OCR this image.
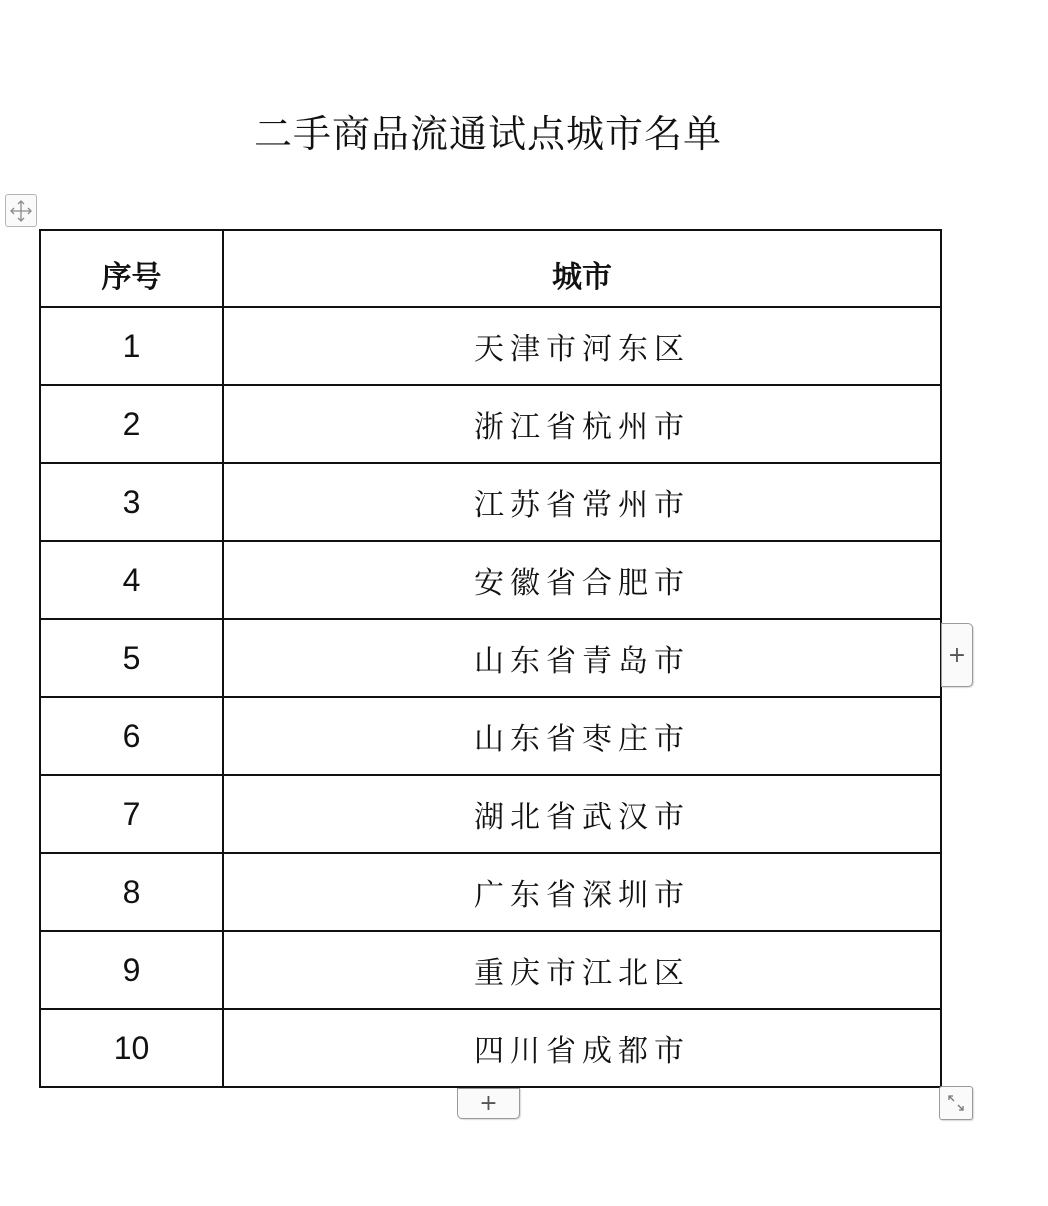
二手商品流通试点城市名单
序号	城市
1	天津市河东区
2	浙江省杭州市
3	江苏省常州市
4	安徽省合肥市
5	山东省青岛市
6	山东省枣庄市
7	湖北省武汉市
8	广东省深圳市
9	重庆市江北区
10	四川省成都市
+
+
